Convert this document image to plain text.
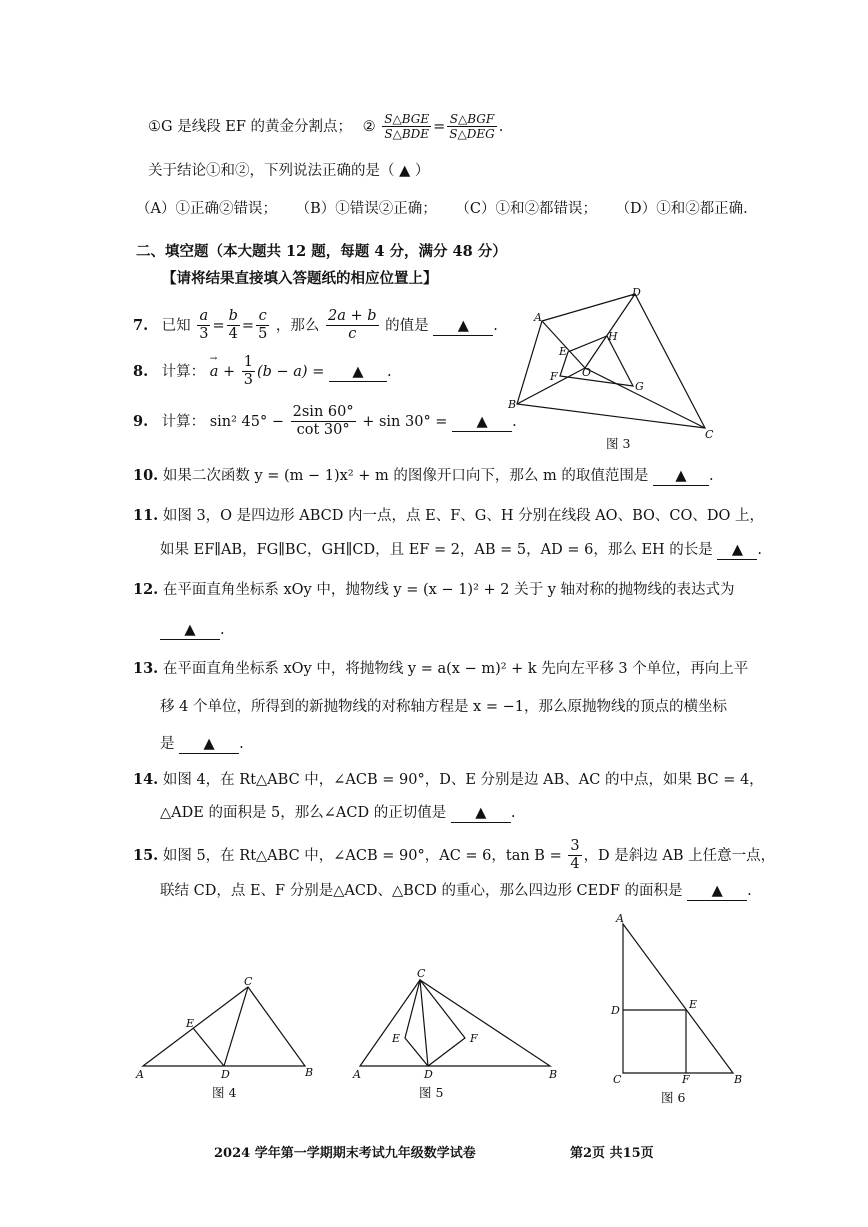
①G 是线段 EF 的黄金分割点； ② $\frac{\text{S△BGE}}{\text{S△BDE}} = \frac{\text{S△BGF}}{\text{S△DEG}}$ .
关于结论①和②，下列说法正确的是（ ▲ ）
（A）①正确②错误； （B）①错误②正确； （C）①和②都错误； （D）①和②都正确.
二、填空题（本大题共 12 题，每题 4 分，满分 48 分）
【请将结果直接填入答题纸的相应位置上】
7. 已知 $\frac{a}{3} = \frac{b}{4} = \frac{c}{5}$ ，那么 $\frac{2a + b}{c}$ 的值是 ▲ .
8. 计算： → $a + \frac{1}{3} (b - a)$ = ▲ .
9. 计算： sin² $45^\circ - \frac{2\sin 60^\circ}{\cot 30^\circ} + \sin 30^\circ$ = ▲ .
A
B
C
D
E
F
G
H
O
图 3
10. 如果二次函数 y = (m − 1)x² + m 的图像开口向下，那么 m 的取值范围是 ▲ .
11. 如图 3，O 是四边形 ABCD 内一点，点 E、F、G、H 分别在线段 AO、BO、CO、DO 上，
如果 EF∥AB，FG∥BC，GH∥CD，且 EF = 2，AB = 5，AD = 6，那么 EH 的长是 ▲ .
12. 在平面直角坐标系 xOy 中，抛物线 y = (x − 1)² + 2 关于 y 轴对称的抛物线的表达式为
▲ .
13. 在平面直角坐标系 xOy 中，将抛物线 y = a(x − m)² + k 先向左平移 3 个单位，再向上平
移 4 个单位，所得到的新抛物线的对称轴方程是 x = −1，那么原抛物线的顶点的横坐标
是 ▲ .
14. 如图 4，在 Rt△ABC 中，∠ACB = 90°，D、E 分别是边 AB、AC 的中点，如果 BC = 4，
△ADE 的面积是 5，那么∠ACD 的正切值是 ▲ .
15. 如图 5，在 Rt△ABC 中，∠ACB = 90°，AC = 6，$\tan B = \frac{3}{4}$ ，D 是斜边 AB 上任意一点，
联结 CD，点 E、F 分别是△ACD、△BCD 的重心，那么四边形 CEDF 的面积是 ▲ .
A	B
C
D
E
图 4
A	B
C
D
E	F
图 5
A
B
C
D	E
F
图 6
2024 学年第一学期期末考试九年级数学试卷	第2页 共15页
